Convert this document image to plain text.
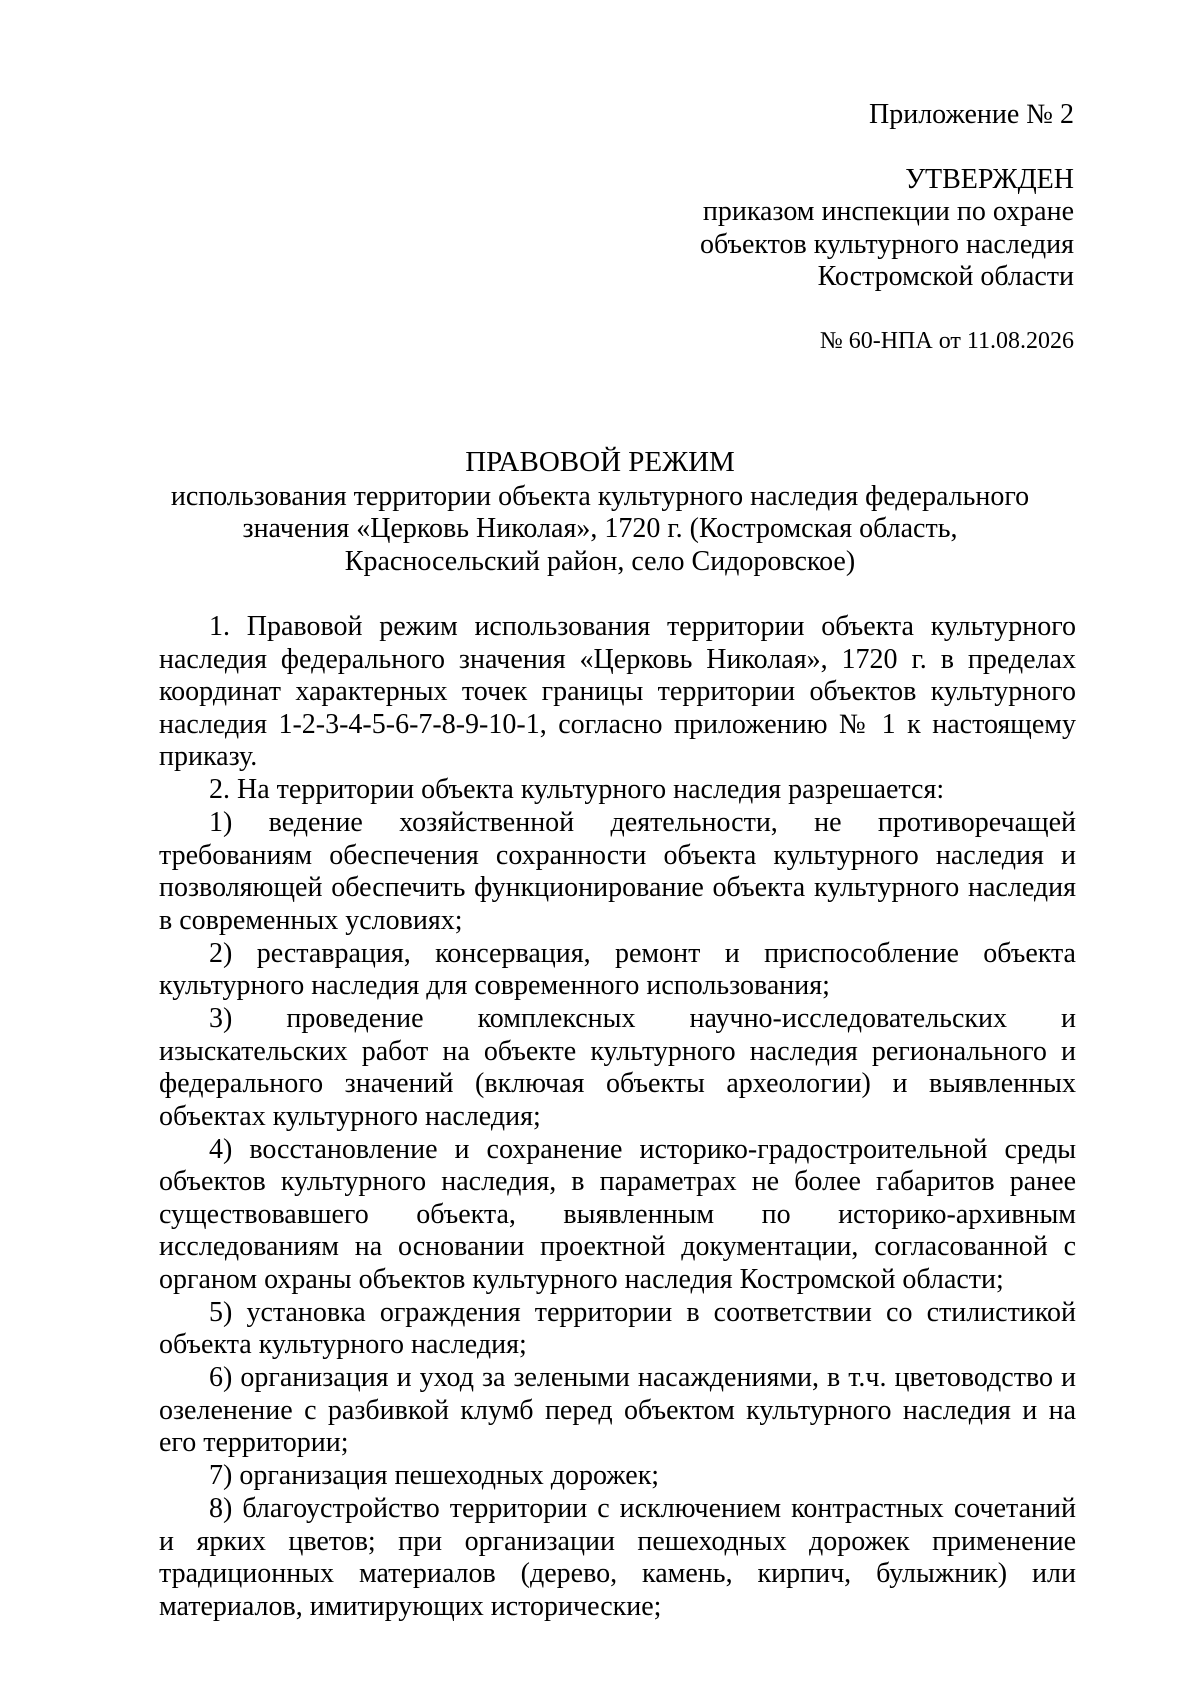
Приложение № 2
УТВЕРЖДЕН
приказом инспекции по охране
объектов культурного наследия
Костромской области
№ 60-НПА от 11.08.2026
ПРАВОВОЙ РЕЖИМ
использования территории объекта культурного наследия федерального
значения «Церковь Николая», 1720 г. (Костромская область,
Красносельский район, село Сидоровское)

1. Правовой режим использования территории объекта культурного наследия федерального значения «Церковь Николая», 1720 г. в пределах координат характерных точек границы территории объектов культурного наследия 1-2-3-4-5-6-7-8-9-10-1, согласно приложению № 1 к настоящему приказу.

2. На территории объекта культурного наследия разрешается:

1) ведение хозяйственной деятельности, не противоречащей требованиям обеспечения сохранности объекта культурного наследия и позволяющей обеспечить функционирование объекта культурного наследия в современных условиях;

2) реставрация, консервация, ремонт и приспособление объекта культурного наследия для современного использования;

3) проведение комплексных научно-исследовательских и изыскательских работ на объекте культурного наследия регионального и федерального значений (включая объекты археологии) и выявленных объектах культурного наследия;

4) восстановление и сохранение историко-градостроительной среды объектов культурного наследия, в параметрах не более габаритов ранее существовавшего объекта, выявленным по историко-архивным исследованиям на основании проектной документации, согласованной с органом охраны объектов культурного наследия Костромской области;

5) установка ограждения территории в соответствии со стилистикой объекта культурного наследия;

6) организация и уход за зелеными насаждениями, в т.ч. цветоводство и озеленение с разбивкой клумб перед объектом культурного наследия и на его территории;

7) организация пешеходных дорожек;

8) благоустройство территории с исключением контрастных сочетаний и ярких цветов; при организации пешеходных дорожек применение традиционных материалов (дерево, камень, кирпич, булыжник) или материалов, имитирующих исторические;
